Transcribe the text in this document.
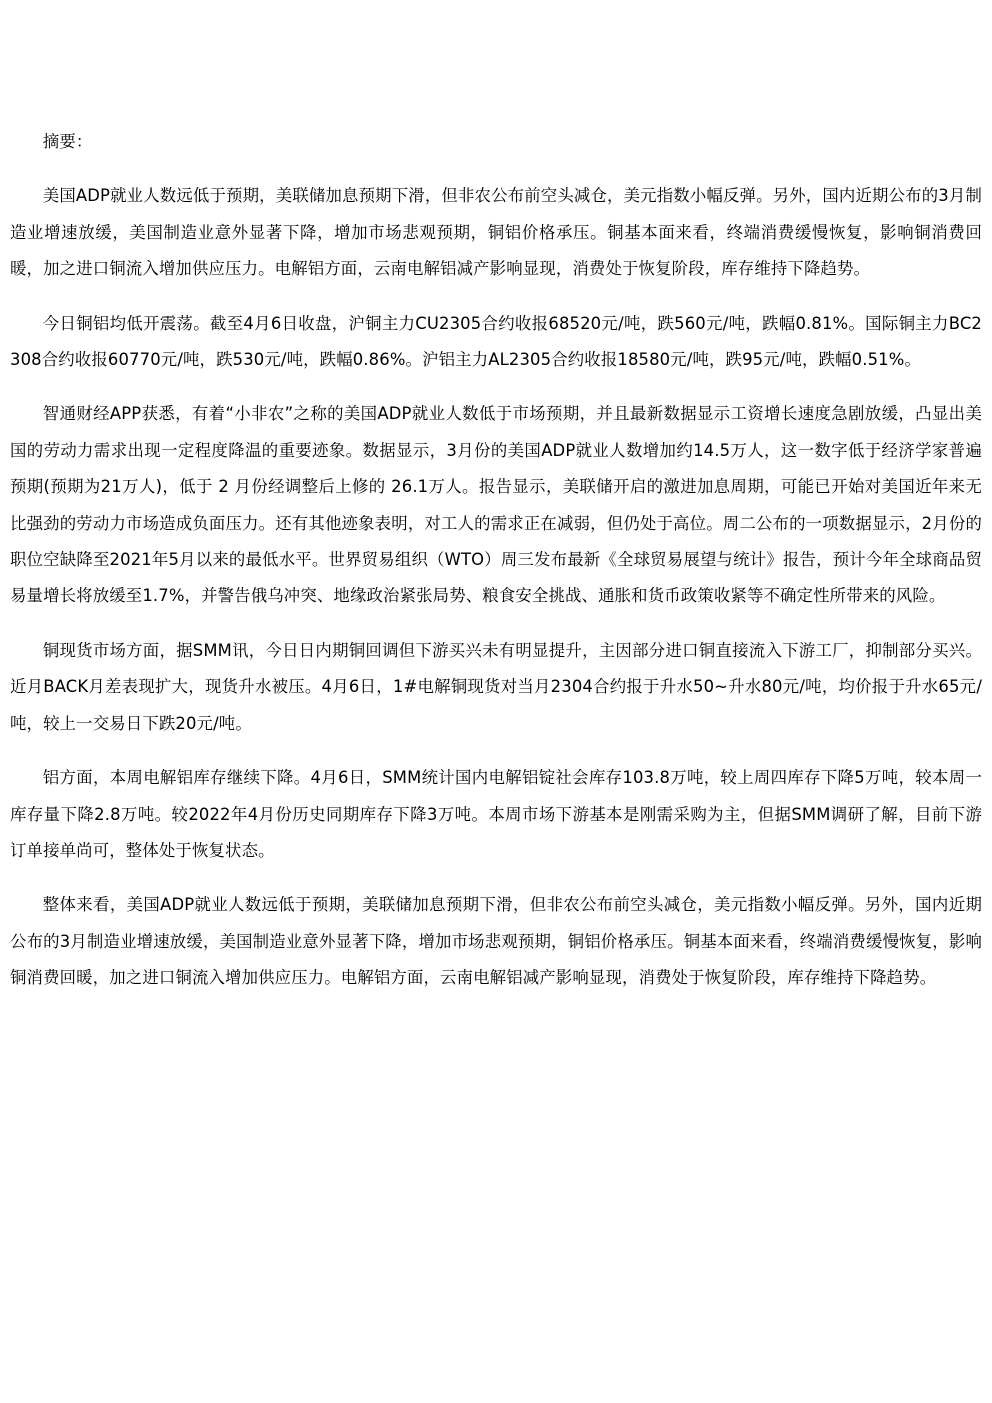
摘要：

美国ADP就业人数远低于预期，美联储加息预期下滑，但非农公布前空头减仓，美元指数小幅反弹。另外，国内近期公布的3月制造业增速放缓，美国制造业意外显著下降，增加市场悲观预期，铜铝价格承压。铜基本面来看，终端消费缓慢恢复，影响铜消费回暖，加之进口铜流入增加供应压力。电解铝方面，云南电解铝减产影响显现，消费处于恢复阶段，库存维持下降趋势。

今日铜铝均低开震荡。截至4月6日收盘，沪铜主力CU2305合约收报68520元/吨，跌560元/吨，跌幅0.81%。国际铜主力BC2308合约收报60770元/吨，跌530元/吨，跌幅0.86%。沪铝主力AL2305合约收报18580元/吨，跌95元/吨，跌幅0.51%。

智通财经APP获悉，有着“小非农”之称的美国ADP就业人数低于市场预期，并且最新数据显示工资增长速度急剧放缓，凸显出美国的劳动力需求出现一定程度降温的重要迹象。数据显示，3月份的美国ADP就业人数增加约14.5万人，这一数字低于经济学家普遍预期(预期为21万人)，低于 2 月份经调整后上修的 26.1万人。报告显示，美联储开启的激进加息周期，可能已开始对美国近年来无比强劲的劳动力市场造成负面压力。还有其他迹象表明，对工人的需求正在减弱，但仍处于高位。周二公布的一项数据显示，2月份的职位空缺降至2021年5月以来的最低水平。世界贸易组织（WTO）周三发布最新《全球贸易展望与统计》报告，预计今年全球商品贸易量增长将放缓至1.7%，并警告俄乌冲突、地缘政治紧张局势、粮食安全挑战、通胀和货币政策收紧等不确定性所带来的风险。

铜现货市场方面，据SMM讯，今日日内期铜回调但下游买兴未有明显提升，主因部分进口铜直接流入下游工厂，抑制部分买兴。近月BACK月差表现扩大，现货升水被压。4月6日，1#电解铜现货对当月2304合约报于升水50~升水80元/吨，均价报于升水65元/吨，较上一交易日下跌20元/吨。

铝方面，本周电解铝库存继续下降。4月6日，SMM统计国内电解铝锭社会库存103.8万吨，较上周四库存下降5万吨，较本周一库存量下降2.8万吨。较2022年4月份历史同期库存下降3万吨。本周市场下游基本是刚需采购为主，但据SMM调研了解，目前下游订单接单尚可，整体处于恢复状态。

整体来看，美国ADP就业人数远低于预期，美联储加息预期下滑，但非农公布前空头减仓，美元指数小幅反弹。另外，国内近期公布的3月制造业增速放缓，美国制造业意外显著下降，增加市场悲观预期，铜铝价格承压。铜基本面来看，终端消费缓慢恢复，影响铜消费回暖，加之进口铜流入增加供应压力。电解铝方面，云南电解铝减产影响显现，消费处于恢复阶段，库存维持下降趋势。
